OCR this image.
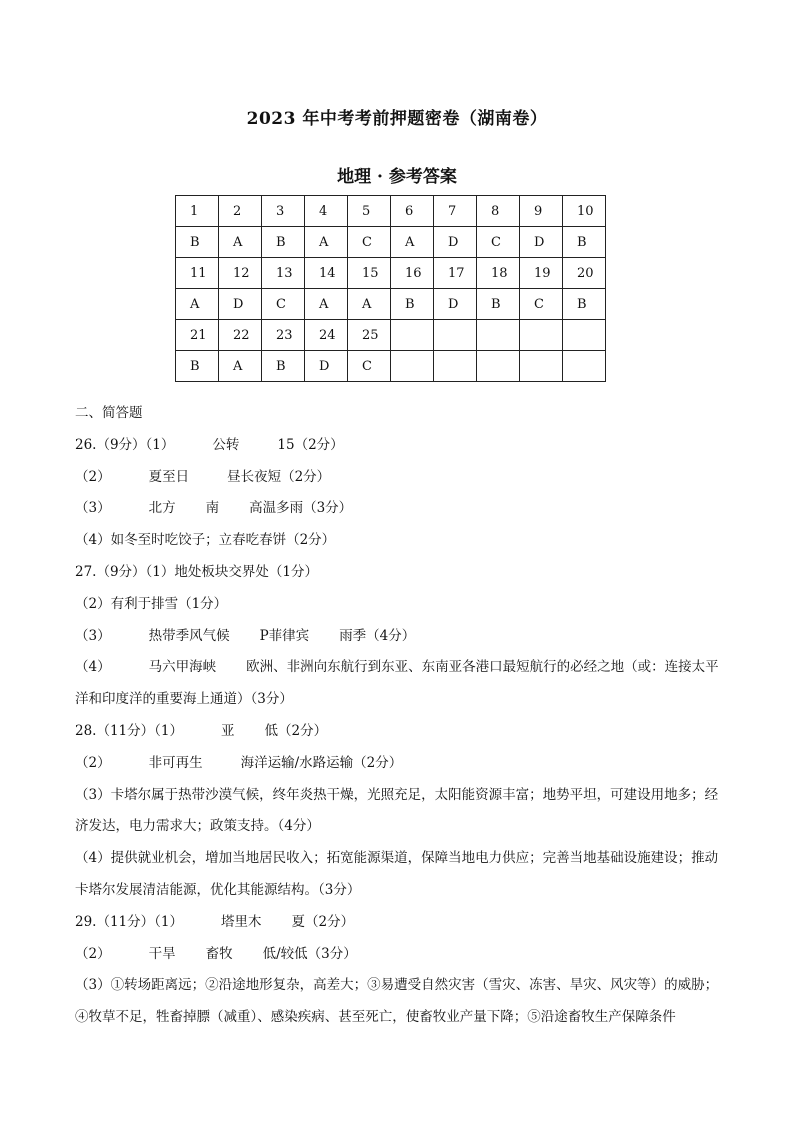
2023 年中考考前押题密卷（湖南卷）
地理 · 参考答案
1	2	3	4	5	6	7	8	9	10
B	A	B	A	C	A	D	C	D	B
11	12	13	14	15	16	17	18	19	20
A	D	C	A	A	B	D	B	C	B
21	22	23	24	25					
B	A	B	D	C					
二、简答题
26.（9分）（1）	公转	15（2分）
（2）	夏至日	昼长夜短（2分）
（3）	北方 南 高温多雨（3分）
（4）如冬至时吃饺子；立春吃春饼（2分）
27.（9分）（1）地处板块交界处（1分）
（2）有利于排雪（1分）
（3）	热带季风气候 P菲律宾 雨季（4分）
（4）	马六甲海峡 欧洲、非洲向东航行到东亚、东南亚各港口最短航行的必经之地（或：连接太平洋和印度洋的重要海上通道）（3分）
28.（11分）（1）	亚 低（2分）
（2）	非可再生	海洋运输/水路运输（2分）
（3）卡塔尔属于热带沙漠气候，终年炎热干燥，光照充足，太阳能资源丰富；地势平坦，可建设用地多；经济发达，电力需求大；政策支持。（4分）
（4）提供就业机会，增加当地居民收入；拓宽能源渠道，保障当地电力供应；完善当地基础设施建设；推动卡塔尔发展清洁能源，优化其能源结构。（3分）
29.（11分）（1）	塔里木 夏（2分）
（2）	干旱 畜牧 低/较低（3分）
（3）①转场距离远；②沿途地形复杂，高差大；③易遭受自然灾害（雪灾、冻害、旱灾、风灾等）的威胁；④牧草不足，牲畜掉膘（减重）、感染疾病、甚至死亡，使畜牧业产量下降；⑤沿途畜牧生产保障条件
